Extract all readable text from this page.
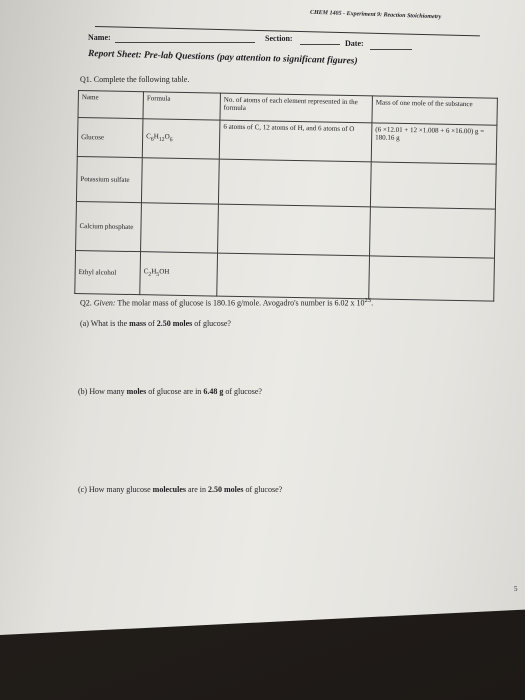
CHEM 1405 - Experiment 9: Reaction Stoichiometry
Name:	Section:
Date:
Report Sheet: Pre-lab Questions (pay attention to significant figures)
Q1. Complete the following table.
Name	Formula	No. of atoms of each element represented in the formula	Mass of one mole of the substance
Glucose	$C_6H_{12}O_6$	6 atoms of C, 12 atoms of H, and 6 atoms of O	(6 ×12.01 + 12 ×1.008 + 6 ×16.00) g = 180.16 g
Potassium sulfate			
Calcium phosphate			
Ethyl alcohol	$C_2H_5OH$		
Q2. Given: The molar mass of glucose is 180.16 g/mole. Avogadro's number is 6.02 x $10^{23}$.
(a) What is the mass of 2.50 moles of glucose?
(b) How many moles of glucose are in 6.48 g of glucose?
(c) How many glucose molecules are in 2.50 moles of glucose?
5
